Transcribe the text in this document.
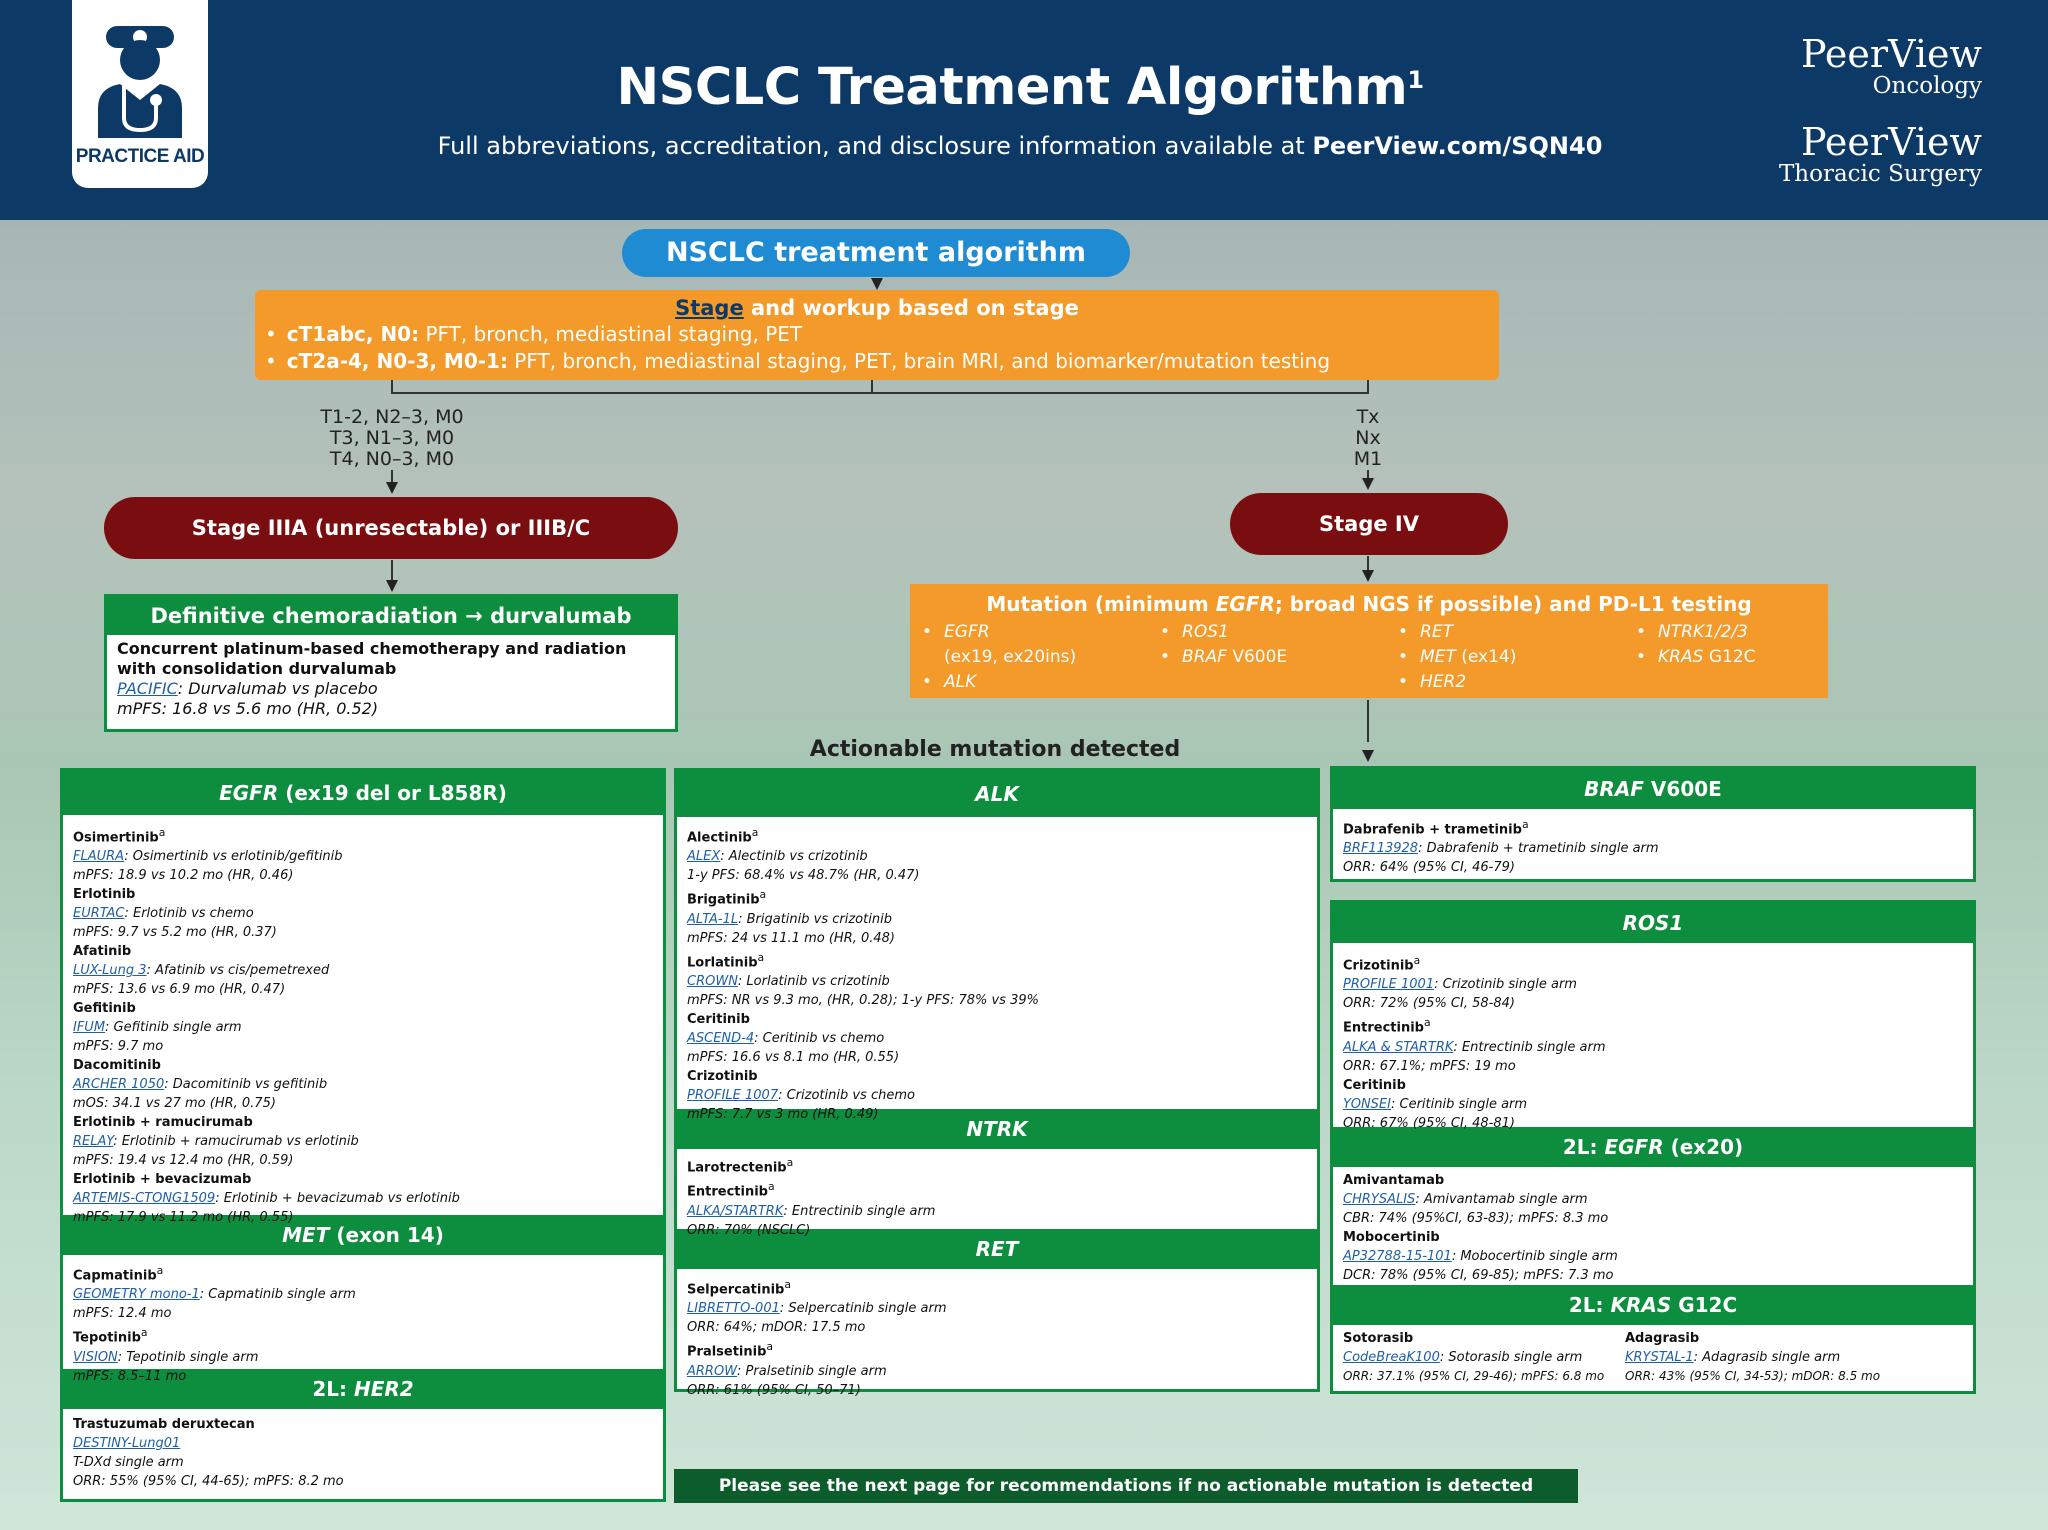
PRACTICE AID
NSCLC Treatment Algorithm$^1$
Full abbreviations, accreditation, and disclosure information available at PeerView.com/SQN40
PeerView
Oncology
PeerView
Thoracic Surgery
NSCLC treatment algorithm
Stage and workup based on stage
• cT1abc, N0: PFT, bronch, mediastinal staging, PET
• cT2a-4, N0-3, M0-1: PFT, bronch, mediastinal staging, PET, brain MRI, and biomarker/mutation testing
T1-2, N2–3, M0
T3, N1–3, M0
T4, N0–3, M0
Tx
Nx
M1
Stage IIIA (unresectable) or IIIB/C	Stage IV
Definitive chemoradiation → durvalumab
Concurrent platinum-based chemotherapy and radiation with consolidation durvalumab
PACIFIC: Durvalumab vs placebo
mPFS: 16.8 vs 5.6 mo (HR, 0.52)
Mutation (minimum EGFR; broad NGS if possible) and PD-L1 testing
• EGFR
(ex19, ex20ins)
• ALK
• ROS1
• BRAF V600E
• RET
• MET (ex14)
• HER2
• NTRK1/2/3
• KRAS G12C
Actionable mutation detected
EGFR (ex19 del or L858R)
Osimertinib$^a$
FLAURA: Osimertinib vs erlotinib/gefitinib
mPFS: 18.9 vs 10.2 mo (HR, 0.46)
Erlotinib
EURTAC: Erlotinib vs chemo
mPFS: 9.7 vs 5.2 mo (HR, 0.37)
Afatinib
LUX-Lung 3: Afatinib vs cis/pemetrexed
mPFS: 13.6 vs 6.9 mo (HR, 0.47)
Gefitinib
IFUM: Gefitinib single arm
mPFS: 9.7 mo
Dacomitinib
ARCHER 1050: Dacomitinib vs gefitinib
mOS: 34.1 vs 27 mo (HR, 0.75)
Erlotinib + ramucirumab
RELAY: Erlotinib + ramucirumab vs erlotinib
mPFS: 19.4 vs 12.4 mo (HR, 0.59)
Erlotinib + bevacizumab
ARTEMIS-CTONG1509: Erlotinib + bevacizumab vs erlotinib
mPFS: 17.9 vs 11.2 mo (HR, 0.55)
MET (exon 14)
Capmatinib$^a$
GEOMETRY mono-1: Capmatinib single arm
mPFS: 12.4 mo
Tepotinib$^a$
VISION: Tepotinib single arm
mPFS: 8.5–11 mo
2L: HER2
Trastuzumab deruxtecan
DESTINY-Lung01
T-DXd single arm
ORR: 55% (95% CI, 44-65); mPFS: 8.2 mo
ALK
Alectinib$^a$
ALEX: Alectinib vs crizotinib
1-y PFS: 68.4% vs 48.7% (HR, 0.47)
Brigatinib$^a$
ALTA-1L: Brigatinib vs crizotinib
mPFS: 24 vs 11.1 mo (HR, 0.48)
Lorlatinib$^a$
CROWN: Lorlatinib vs crizotinib
mPFS: NR vs 9.3 mo, (HR, 0.28); 1-y PFS: 78% vs 39%
Ceritinib
ASCEND-4: Ceritinib vs chemo
mPFS: 16.6 vs 8.1 mo (HR, 0.55)
Crizotinib
PROFILE 1007: Crizotinib vs chemo
mPFS: 7.7 vs 3 mo (HR, 0.49)
NTRK
Larotrectenib$^a$
Entrectinib$^a$
ALKA/STARTRK: Entrectinib single arm
ORR: 70% (NSCLC)
RET
Selpercatinib$^a$
LIBRETTO-001: Selpercatinib single arm
ORR: 64%; mDOR: 17.5 mo
Pralsetinib$^a$
ARROW: Pralsetinib single arm
ORR: 61% (95% CI, 50–71)
BRAF V600E
Dabrafenib + trametinib$^a$
BRF113928: Dabrafenib + trametinib single arm
ORR: 64% (95% CI, 46-79)
ROS1
Crizotinib$^a$
PROFILE 1001: Crizotinib single arm
ORR: 72% (95% CI, 58-84)
Entrectinib$^a$
ALKA & STARTRK: Entrectinib single arm
ORR: 67.1%; mPFS: 19 mo
Ceritinib
YONSEI: Ceritinib single arm
ORR: 67% (95% CI, 48-81)
2L: EGFR (ex20)
Amivantamab
CHRYSALIS: Amivantamab single arm
CBR: 74% (95%CI, 63-83); mPFS: 8.3 mo
Mobocertinib
AP32788-15-101: Mobocertinib single arm
DCR: 78% (95% CI, 69-85); mPFS: 7.3 mo
2L: KRAS G12C
Sotorasib
CodeBreaK100: Sotorasib single arm
ORR: 37.1% (95% CI, 29-46); mPFS: 6.8 mo
Adagrasib
KRYSTAL-1: Adagrasib single arm
ORR: 43% (95% CI, 34-53); mDOR: 8.5 mo
Please see the next page for recommendations if no actionable mutation is detected
